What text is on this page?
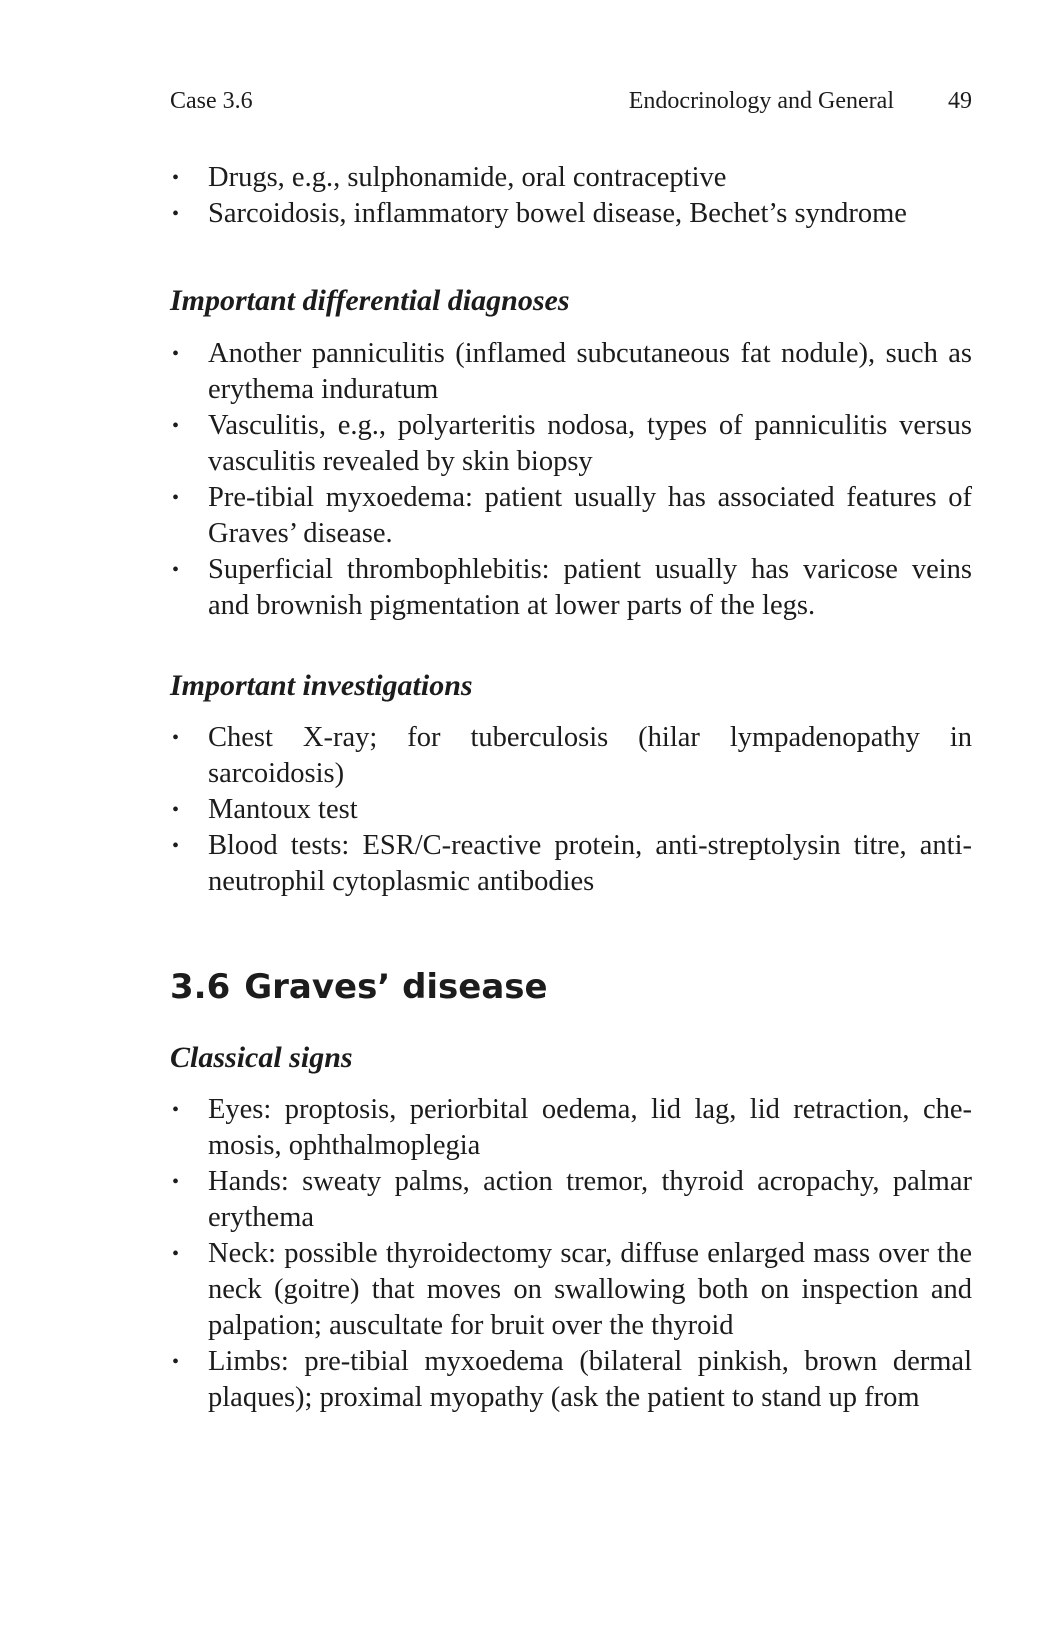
Case 3.6	Endocrinology and General 49
• Drugs, e.g., sulphonamide, oral contraceptive
• Sarcoidosis, inflammatory bowel disease, Bechet’s syndrome
Important differential diagnoses
• Another panniculitis (inflamed subcutaneous fat nodule), such as erythema induratum
• Vasculitis, e.g., polyarteritis nodosa, types of panniculitis versus vasculitis revealed by skin biopsy
• Pre-tibial myxoedema: patient usually has associated features of Graves’ disease.
• Superficial thrombophlebitis: patient usually has varicose veins and brownish pigmentation at lower parts of the legs.
Important investigations
• Chest X-ray; for tuberculosis (hilar lympadenopathy in sarcoidosis)
• Mantoux test
• Blood tests: ESR/C-reactive protein, anti-streptolysin titre, anti-neutrophil cytoplasmic antibodies
3.6 Graves’ disease
Classical signs
• Eyes: proptosis, periorbital oedema, lid lag, lid retraction, che-mosis, ophthalmoplegia
• Hands: sweaty palms, action tremor, thyroid acropachy, palmar erythema
• Neck: possible thyroidectomy scar, diffuse enlarged mass over the neck (goitre) that moves on swallowing both on inspection and palpation; auscultate for bruit over the thyroid
• Limbs: pre-tibial myxoedema (bilateral pinkish, brown dermal plaques); proximal myopathy (ask the patient to stand up from
